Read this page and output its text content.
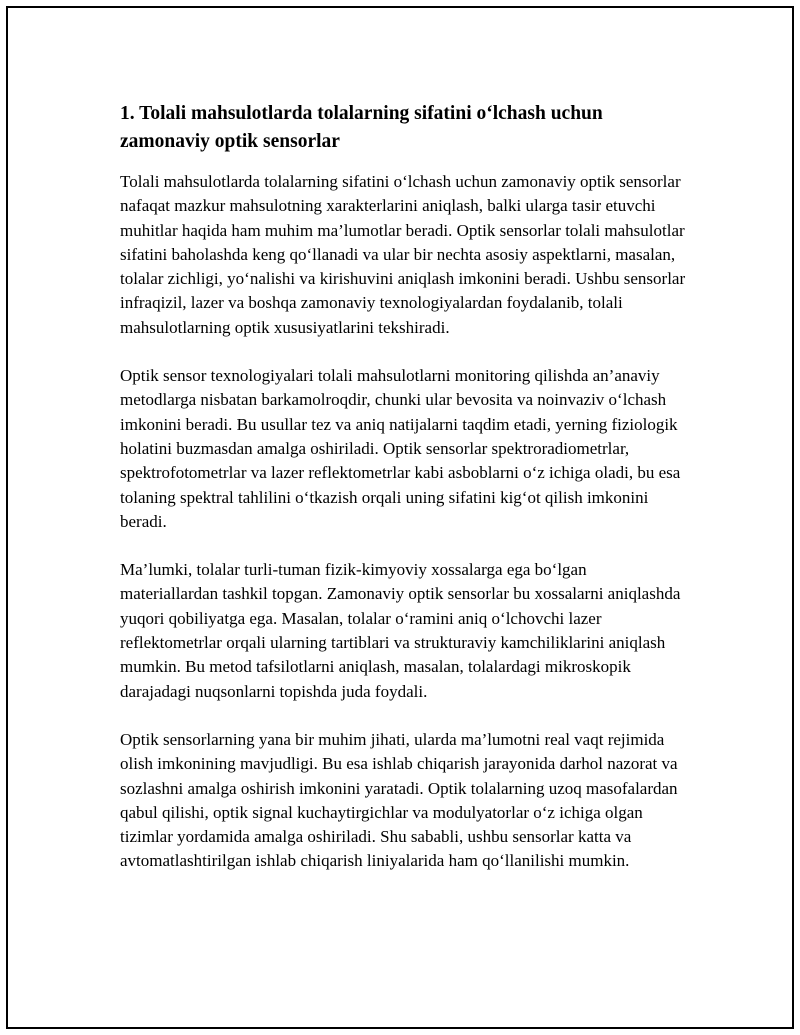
1. Tolali mahsulotlarda tolalarning sifatini o‘lchash uchun zamonaviy optik sensorlar

Tolali mahsulotlarda tolalarning sifatini o‘lchash uchun zamonaviy optik sensorlar nafaqat mazkur mahsulotning xarakterlarini aniqlash, balki ularga tasir etuvchi muhitlar haqida ham muhim ma’lumotlar beradi. Optik sensorlar tolali mahsulotlar sifatini baholashda keng qo‘llanadi va ular bir nechta asosiy aspektlarni, masalan, tolalar zichligi, yo‘nalishi va kirishuvini aniqlash imkonini beradi. Ushbu sensorlar infraqizil, lazer va boshqa zamonaviy texnologiyalardan foydalanib, tolali mahsulotlarning optik xususiyatlarini tekshiradi.

Optik sensor texnologiyalari tolali mahsulotlarni monitoring qilishda an’anaviy metodlarga nisbatan barkamolroqdir, chunki ular bevosita va noinvaziv o‘lchash imkonini beradi. Bu usullar tez va aniq natijalarni taqdim etadi, yerning fiziologik holatini buzmasdan amalga oshiriladi. Optik sensorlar spektroradiometrlar, spektrofotometrlar va lazer reflektometrlar kabi asboblarni o‘z ichiga oladi, bu esa tolaning spektral tahlilini o‘tkazish orqali uning sifatini kig‘ot qilish imkonini beradi.

Ma’lumki, tolalar turli-tuman fizik-kimyoviy xossalarga ega bo‘lgan materiallardan tashkil topgan. Zamonaviy optik sensorlar bu xossalarni aniqlashda yuqori qobiliyatga ega. Masalan, tolalar o‘ramini aniq o‘lchovchi lazer reflektometrlar orqali ularning tartiblari va strukturaviy kamchiliklarini aniqlash mumkin. Bu metod tafsilotlarni aniqlash, masalan, tolalardagi mikroskopik darajadagi nuqsonlarni topishda juda foydali.

Optik sensorlarning yana bir muhim jihati, ularda ma’lumotni real vaqt rejimida olish imkonining mavjudligi. Bu esa ishlab chiqarish jarayonida darhol nazorat va sozlashni amalga oshirish imkonini yaratadi. Optik tolalarning uzoq masofalardan qabul qilishi, optik signal kuchaytirgichlar va modulyatorlar o‘z ichiga olgan tizimlar yordamida amalga oshiriladi. Shu sababli, ushbu sensorlar katta va avtomatlashtirilgan ishlab chiqarish liniyalarida ham qo‘llanilishi mumkin.
